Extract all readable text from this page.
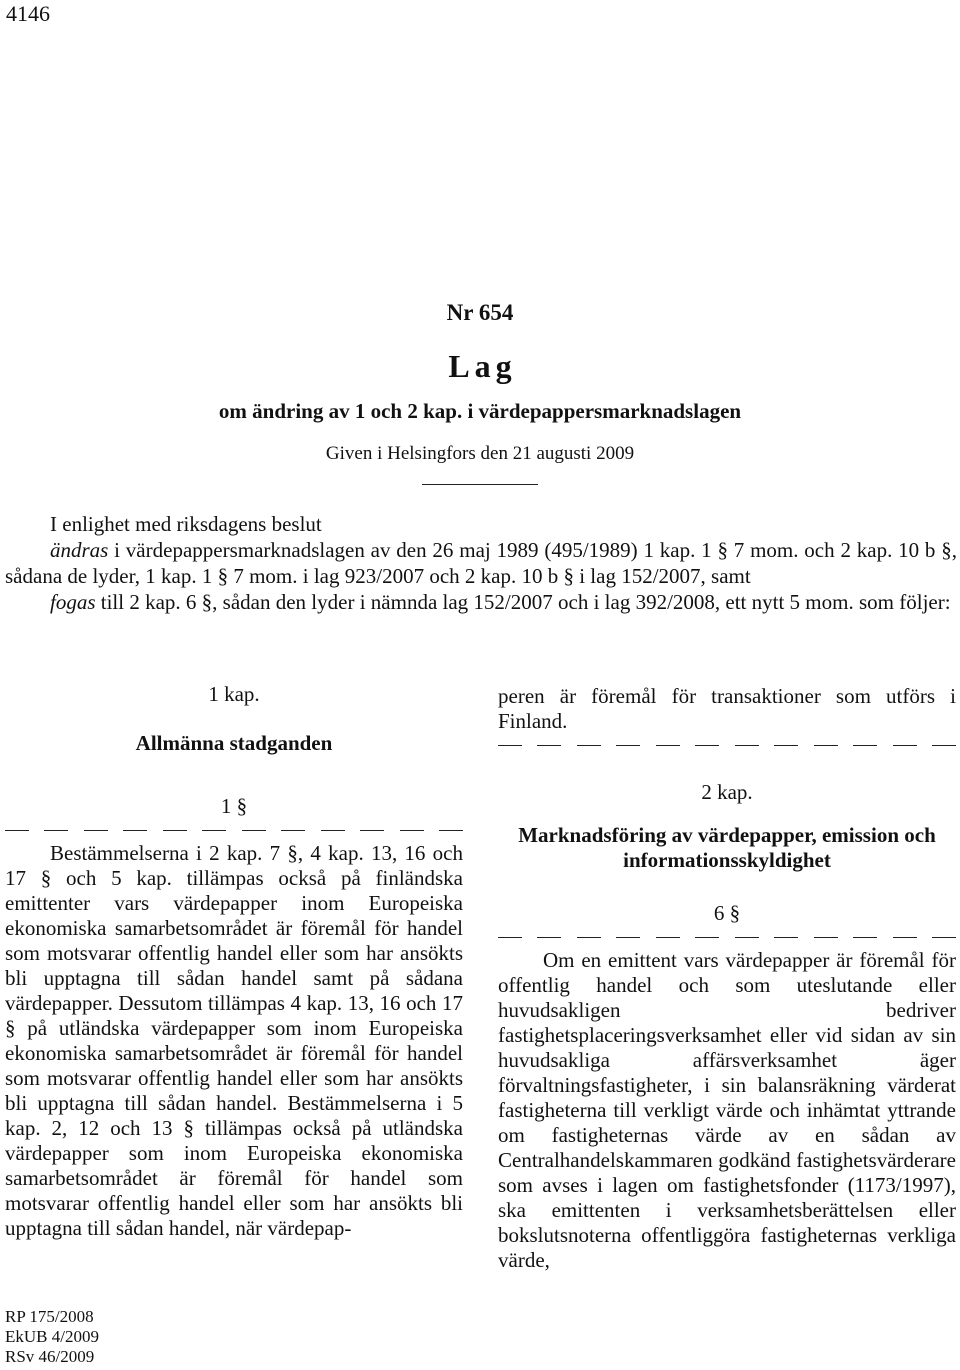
4146
Nr 654
Lag
om ändring av 1 och 2 kap. i värdepappersmarknadslagen
Given i Helsingfors den 21 augusti 2009

I enlighet med riksdagens beslut

ändras i värdepappersmarknadslagen av den 26 maj 1989 (495/1989) 1 kap. 1 § 7 mom. och 2 kap. 10 b §, sådana de lyder, 1 kap. 1 § 7 mom. i lag 923/2007 och 2 kap. 10 b § i lag 152/2007, samt

fogas till 2 kap. 6 §, sådan den lyder i nämnda lag 152/2007 och i lag 392/2008, ett nytt 5 mom. som följer:

1 kap.

Allmänna stadganden

1 §

Bestämmelserna i 2 kap. 7 §, 4 kap. 13, 16 och 17 § och 5 kap. tillämpas också på finländska emittenter vars värdepapper inom Europeiska ekonomiska samarbetsområdet är föremål för handel som motsvarar offentlig handel eller som har ansökts bli upptagna till sådan handel samt på sådana värdepapper. Dessutom tillämpas 4 kap. 13, 16 och 17 § på utländska värdepapper som inom Europeiska ekonomiska samarbetsområdet är föremål för handel som motsvarar offentlig handel eller som har ansökts bli upptagna till sådan handel. Bestämmelserna i 5 kap. 2, 12 och 13 § tillämpas också på utländska värdepapper som inom Europeiska ekonomiska samarbetsområdet är föremål för handel som motsvarar offentlig handel eller som har ansökts bli upptagna till sådan handel, när värdepap-

peren är föremål för transaktioner som utförs i Finland.

2 kap.

Marknadsföring av värdepapper, emission och informationsskyldighet

6 §

Om en emittent vars värdepapper är föremål för offentlig handel och som uteslutande eller huvudsakligen bedriver fastighetsplaceringsverksamhet eller vid sidan av sin huvudsakliga affärsverksamhet äger förvaltningsfastigheter, i sin balansräkning värderat fastigheterna till verkligt värde och inhämtat yttrande om fastigheternas värde av en sådan av Centralhandelskammaren godkänd fastighetsvärderare som avses i lagen om fastighetsfonder (1173/1997), ska emittenten i verksamhetsberättelsen eller bokslutsnoterna offentliggöra fastigheternas verkliga värde,

RP 175/2008
EkUB 4/2009
RSv 46/2009
